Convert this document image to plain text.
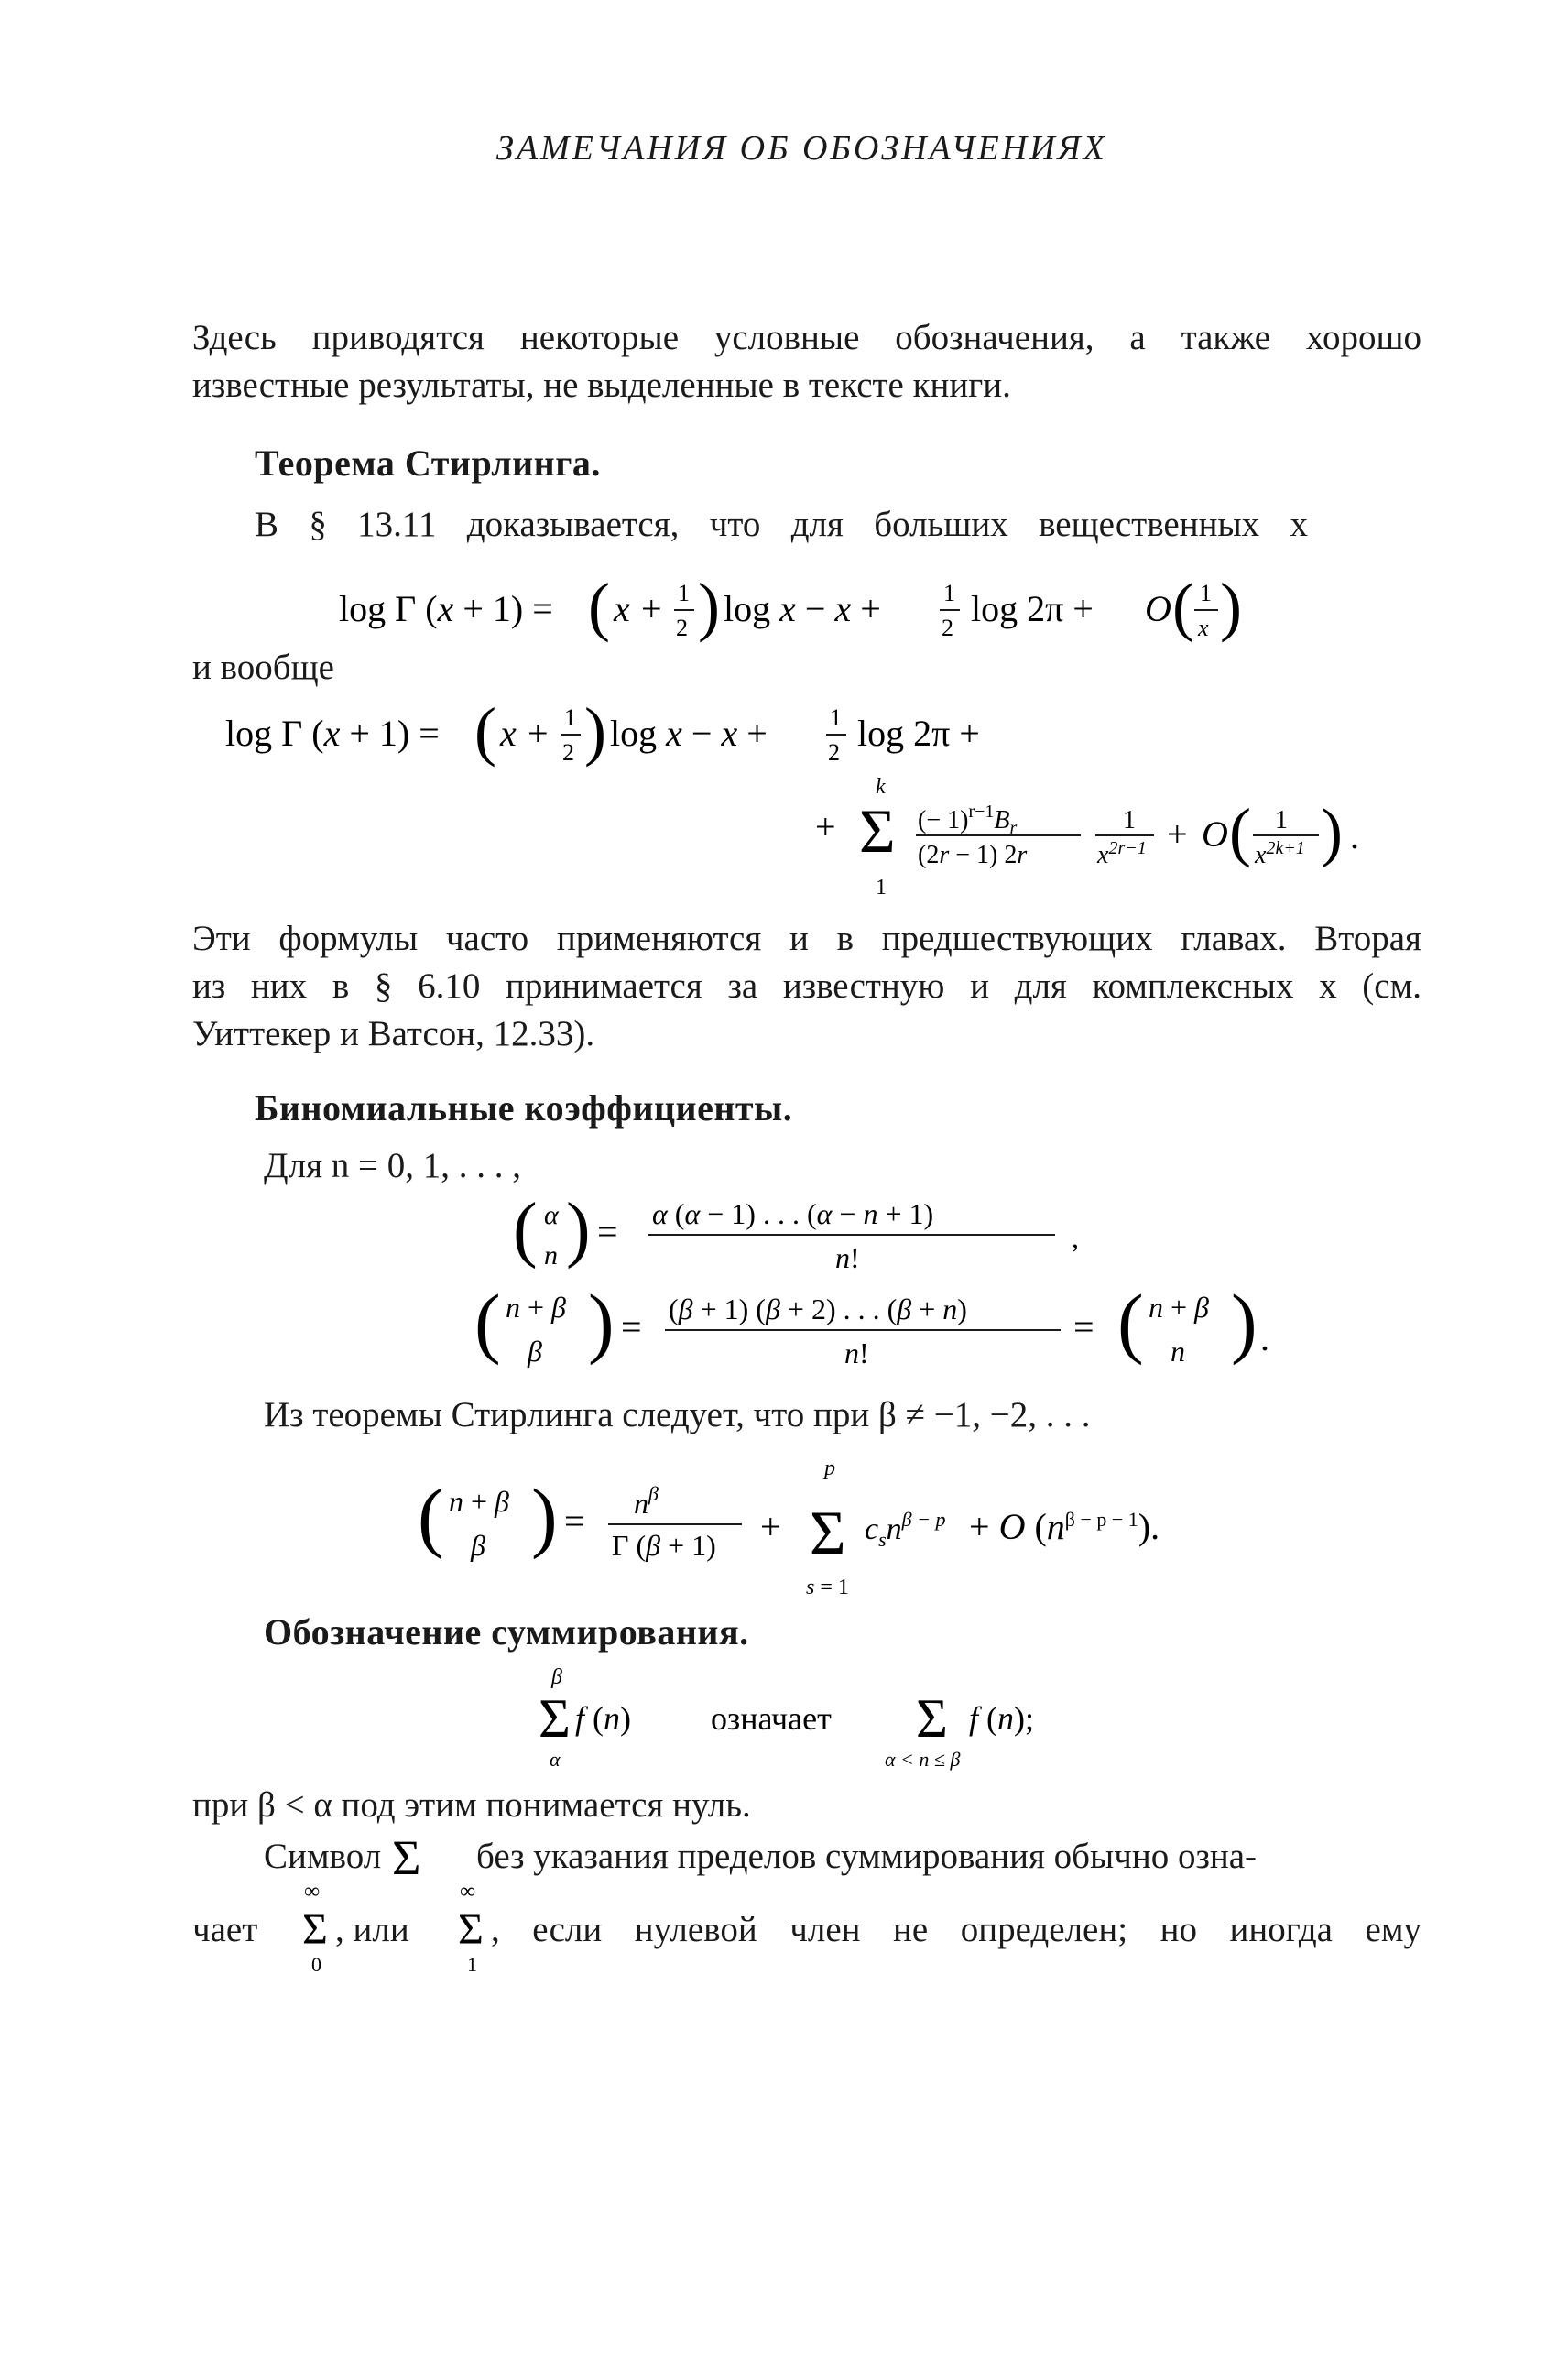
ЗАМЕЧАНИЯ ОБ ОБОЗНАЧЕНИЯХ
Здесь приводятся некоторые условные обозначения, а также хорошо
известные результаты, не выделенные в тексте книги.
Теорема Стирлинга.
В § 13.11 доказывается, что для больших вещественных x
log Γ (x + 1) = ( x + 1
2 ) log x − x +	1
2 log 2π + O ( 1
x )
и вообще
log Γ (x + 1) = ( x + 1
2 ) log x − x +	1
2 log 2π +
+
k
Σ
1
(− $1)^{r-1}B_r$
(2r − 1) 2r
1
$x^{2r-1} + O$ ( 1
$x^{2k+1}$ ) .
Эти формулы часто применяются и в предшествующих главах. Вторая
из них в § 6.10 принимается за известную и для комплексных x (см.
Уиттекер и Ватсон, 12.33).
Биномиальные коэффициенты.
Для n = 0, 1, . . . ,
( α
n ) = α (α − 1) . . . (α − n + 1)
n!
,
( n + β
β ) = (β + 1) (β + 2) . . . (β + n)
n!
= ( n + β
n ) .
Из теоремы Стирлинга следует, что при β ≠ −1, −2, . . .
( n + β
β ) = $n^\beta$
Γ (β + 1) +
p
Σ
s = 1
$c_sn^{\beta - p} + O$ $(n^{\beta - p - 1})$.
Обозначение суммирования.
β
Σ
α
f (n) означает Σ
α < n ≤ β
f (n);
при β < α под этим понимается нуль.
Символ Σ без указания пределов суммирования обычно озна-
чает
∞
Σ
0
, или
∞
Σ
1
, если нулевой член не определен; но иногда ему
